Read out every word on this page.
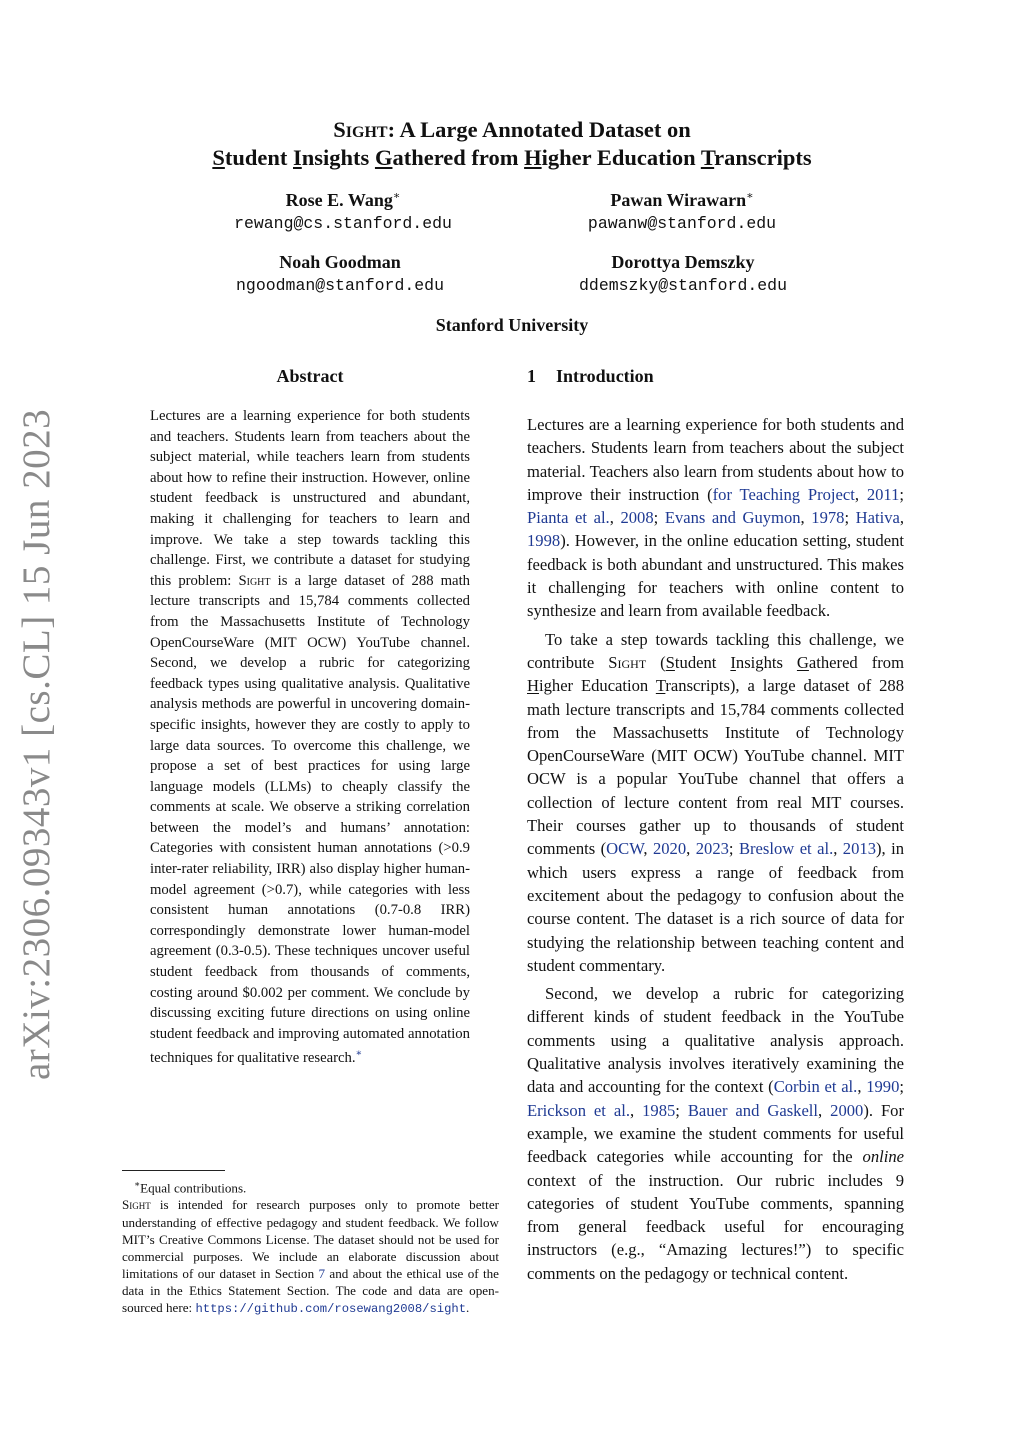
arXiv:2306.09343v1 [cs.CL] 15 Jun 2023
Sight: A Large Annotated Dataset on
Student Insights Gathered from Higher Education Transcripts
Rose E. Wang∗
rewang@cs.stanford.edu
Pawan Wirawarn∗
pawanw@stanford.edu
Noah Goodman
ngoodman@stanford.edu
Dorottya Demszky
ddemszky@stanford.edu
Stanford University
Abstract
Lectures are a learning experience for both students and teachers. Students learn from teachers about the subject material, while teachers learn from students about how to refine their instruction. However, online student feedback is unstructured and abundant, making it challenging for teachers to learn and improve. We take a step towards tackling this challenge. First, we contribute a dataset for studying this problem: Sight is a large dataset of 288 math lecture transcripts and 15,784 comments collected from the Massachusetts Institute of Technology OpenCourseWare (MIT OCW) YouTube channel. Second, we develop a rubric for categorizing feedback types using qualitative analysis. Qualitative analysis methods are powerful in uncovering domain-specific insights, however they are costly to apply to large data sources. To overcome this challenge, we propose a set of best practices for using large language models (LLMs) to cheaply classify the comments at scale. We observe a striking correlation between the model’s and humans’ annotation: Categories with consistent human annotations (>0.9 inter-rater reliability, IRR) also display higher human-model agreement (>0.7), while categories with less consistent human annotations (0.7-0.8 IRR) correspondingly demonstrate lower human-model agreement (0.3-0.5). These techniques uncover useful student feedback from thousands of comments, costing around $0.002 per comment. We conclude by discussing exciting future directions on using online student feedback and improving automated annotation techniques for qualitative research.∗
∗Equal contributions.
Sight is intended for research purposes only to promote better understanding of effective pedagogy and student feedback. We follow MIT’s Creative Commons License. The dataset should not be used for commercial purposes. We include an elaborate discussion about limitations of our dataset in Section 7 and about the ethical use of the data in the Ethics Statement Section. The code and data are open-sourced here: https://github.com/rosewang2008/sight.
1 Introduction

Lectures are a learning experience for both students and teachers. Students learn from teachers about the subject material. Teachers also learn from students about how to improve their instruction (for Teaching Project, 2011; Pianta et al., 2008; Evans and Guymon, 1978; Hativa, 1998). However, in the online education setting, student feedback is both abundant and unstructured. This makes it challenging for teachers with online content to synthesize and learn from available feedback.

To take a step towards tackling this challenge, we contribute Sight (Student Insights Gathered from Higher Education Transcripts), a large dataset of 288 math lecture transcripts and 15,784 comments collected from the Massachusetts Institute of Technology OpenCourseWare (MIT OCW) YouTube channel. MIT OCW is a popular YouTube channel that offers a collection of lecture content from real MIT courses. Their courses gather up to thousands of student comments (OCW, 2020, 2023; Breslow et al., 2013), in which users express a range of feedback from excitement about the pedagogy to confusion about the course content. The dataset is a rich source of data for studying the relationship between teaching content and student commentary.

Second, we develop a rubric for categorizing different kinds of student feedback in the YouTube comments using a qualitative analysis approach. Qualitative analysis involves iteratively examining the data and accounting for the context (Corbin et al., 1990; Erickson et al., 1985; Bauer and Gaskell, 2000). For example, we examine the student comments for useful feedback categories while accounting for the online context of the instruction. Our rubric includes 9 categories of student YouTube comments, spanning from general feedback useful for encouraging instructors (e.g., “Amazing lectures!”) to specific comments on the pedagogy or technical content.
